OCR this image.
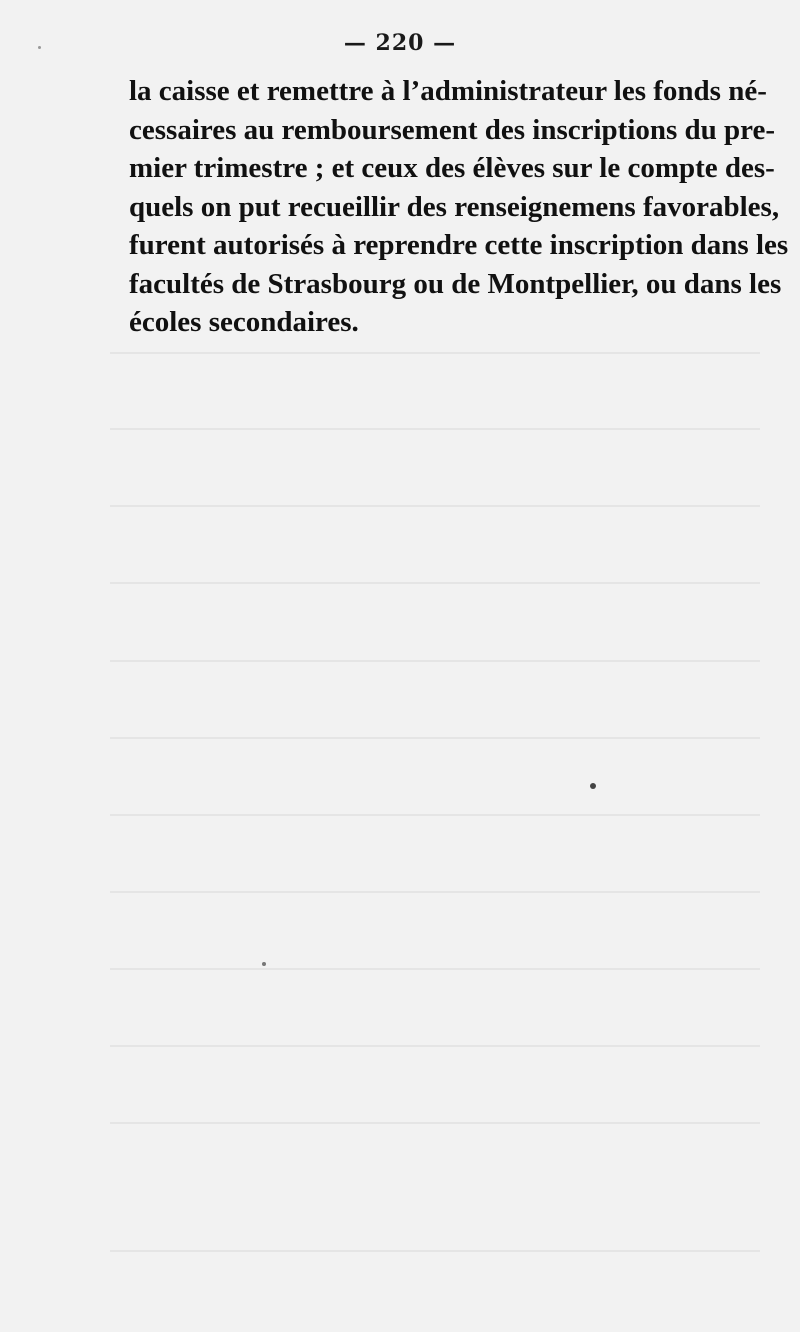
— 220 —
la caisse et remettre à l’administrateur les fonds né-
cessaires au remboursement des inscriptions du pre-
mier trimestre ; et ceux des élèves sur le compte des-
quels on put recueillir des renseignemens favorables,
furent autorisés à reprendre cette inscription dans les
facultés de Strasbourg ou de Montpellier, ou dans les
écoles secondaires.
